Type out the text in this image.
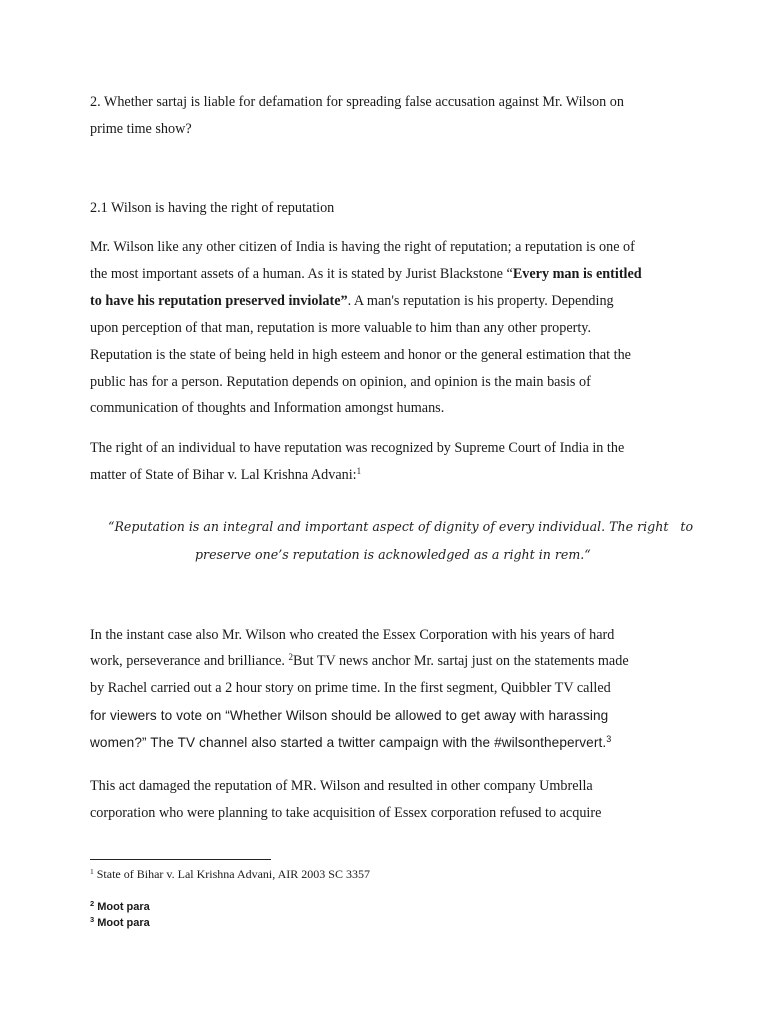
2. Whether sartaj is liable for defamation for spreading false accusation against Mr. Wilson on
prime time show?
2.1 Wilson is having the right of reputation
Mr. Wilson like any other citizen of India is having the right of reputation; a reputation is one of
the most important assets of a human. As it is stated by Jurist Blackstone “Every man is entitled
to have his reputation preserved inviolate”. A man's reputation is his property. Depending
upon perception of that man, reputation is more valuable to him than any other property.
Reputation is the state of being held in high esteem and honor or the general estimation that the
public has for a person. Reputation depends on opinion, and opinion is the main basis of
communication of thoughts and Information amongst humans.
The right of an individual to have reputation was recognized by Supreme Court of India in the
matter of State of Bihar v. Lal Krishna Advani:$^1$
“Reputation is an integral and important aspect of dignity of every individual. The right   to
preserve one’s reputation is acknowledged as a right in rem.“
In the instant case also Mr. Wilson who created the Essex Corporation with his years of hard
work, perseverance and brilliance. $^2$But TV news anchor Mr. sartaj just on the statements made
by Rachel carried out a 2 hour story on prime time. In the first segment, Quibbler TV called
for viewers to vote on “Whether Wilson should be allowed to get away with harassing
women?” The TV channel also started a twitter campaign with the #wilsonthepervert.$^3$
This act damaged the reputation of MR. Wilson and resulted in other company Umbrella
corporation who were planning to take acquisition of Essex corporation refused to acquire
$^1$ State of Bihar v. Lal Krishna Advani, AIR 2003 SC 3357
$^2$ Moot para
$^3$ Moot para
